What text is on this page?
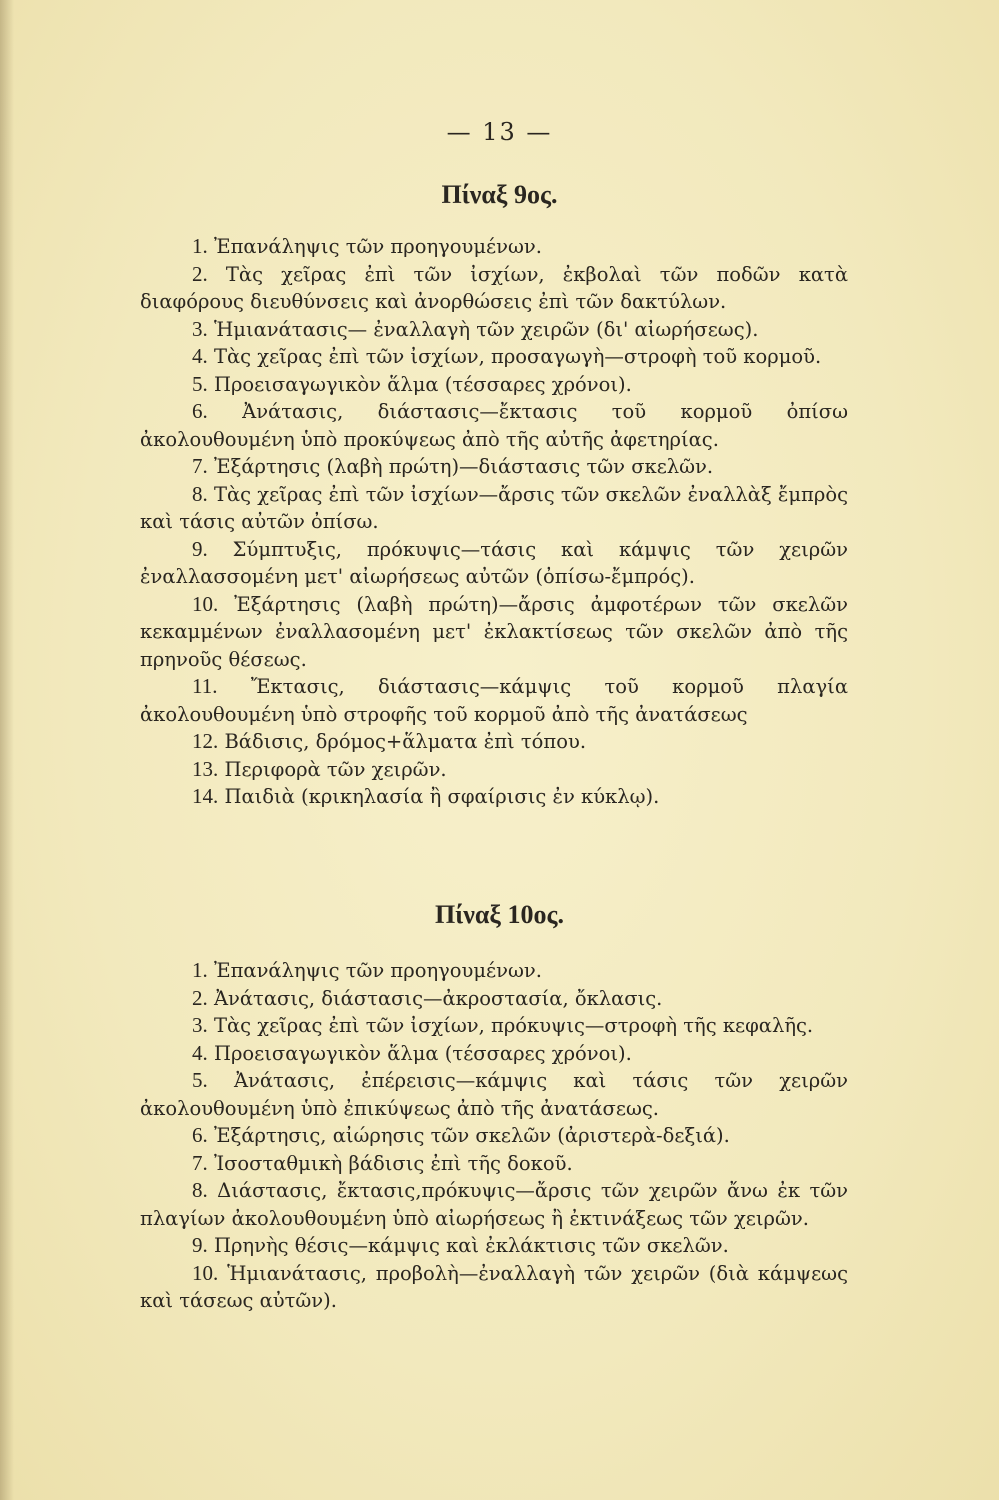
— 13 —
Πίναξ 9ος.
1. Ἐπανάληψις τῶν προηγουμένων.
2. Τὰς χεῖρας ἐπὶ τῶν ἰσχίων, ἐκβολαὶ τῶν ποδῶν κατὰ διαφόρους διευθύνσεις καὶ ἀνορθώσεις ἐπὶ τῶν δακτύλων.
3. Ἡμιανάτασις— ἐναλλαγὴ τῶν χειρῶν (δι' αἰωρήσεως).
4. Τὰς χεῖρας ἐπὶ τῶν ἰσχίων, προσαγωγὴ—στροφὴ τοῦ κορμοῦ.
5. Προεισαγωγικὸν ἅλμα (τέσσαρες χρόνοι).
6. Ἀνάτασις, διάστασις—ἔκτασις τοῦ κορμοῦ ὀπίσω ἀκολουθουμένη ὑπὸ προκύψεως ἀπὸ τῆς αὐτῆς ἀφετηρίας.
7. Ἐξάρτησις (λαβὴ πρώτη)—διάστασις τῶν σκελῶν.
8. Τὰς χεῖρας ἐπὶ τῶν ἰσχίων—ἄρσις τῶν σκελῶν ἐναλλὰξ ἔμπρὸς καὶ τάσις αὐτῶν ὀπίσω.
9. Σύμπτυξις, πρόκυψις—τάσις καὶ κάμψις τῶν χειρῶν ἐναλλασσομένη μετ' αἰωρήσεως αὐτῶν (ὀπίσω-ἔμπρός).
10. Ἐξάρτησις (λαβὴ πρώτη)—ἄρσις ἀμφοτέρων τῶν σκελῶν κεκαμμένων ἐναλλασομένη μετ' ἐκλακτίσεως τῶν σκελῶν ἀπὸ τῆς πρηνοῦς θέσεως.
11. Ἔκτασις, διάστασις—κάμψις τοῦ κορμοῦ πλαγία ἀκολουθουμένη ὑπὸ στροφῆς τοῦ κορμοῦ ἀπὸ τῆς ἀνατάσεως
12. Βάδισις, δρόμος+ἅλματα ἐπὶ τόπου.
13. Περιφορὰ τῶν χειρῶν.
14. Παιδιὰ (κρικηλασία ἢ σφαίρισις ἐν κύκλῳ).
Πίναξ 10ος.
1. Ἐπανάληψις τῶν προηγουμένων.
2. Ἀνάτασις, διάστασις—ἀκροστασία, ὄκλασις.
3. Τὰς χεῖρας ἐπὶ τῶν ἰσχίων, πρόκυψις—στροφὴ τῆς κεφαλῆς.
4. Προεισαγωγικὸν ἅλμα (τέσσαρες χρόνοι).
5. Ἀνάτασις, ἐπέρεισις—κάμψις καὶ τάσις τῶν χειρῶν ἀκολουθουμένη ὑπὸ ἐπικύψεως ἀπὸ τῆς ἀνατάσεως.
6. Ἐξάρτησις, αἰώρησις τῶν σκελῶν (ἀριστερὰ-δεξιά).
7. Ἰσοσταθμικὴ βάδισις ἐπὶ τῆς δοκοῦ.
8. Διάστασις, ἔκτασις,πρόκυψις—ἄρσις τῶν χειρῶν ἄνω ἐκ τῶν πλαγίων ἀκολουθουμένη ὑπὸ αἰωρήσεως ἢ ἐκτινάξεως τῶν χειρῶν.
9. Πρηνὴς θέσις—κάμψις καὶ ἐκλάκτισις τῶν σκελῶν.
10. Ἡμιανάτασις, προβολὴ—ἐναλλαγὴ τῶν χειρῶν (διὰ κάμψεως καὶ τάσεως αὐτῶν).
